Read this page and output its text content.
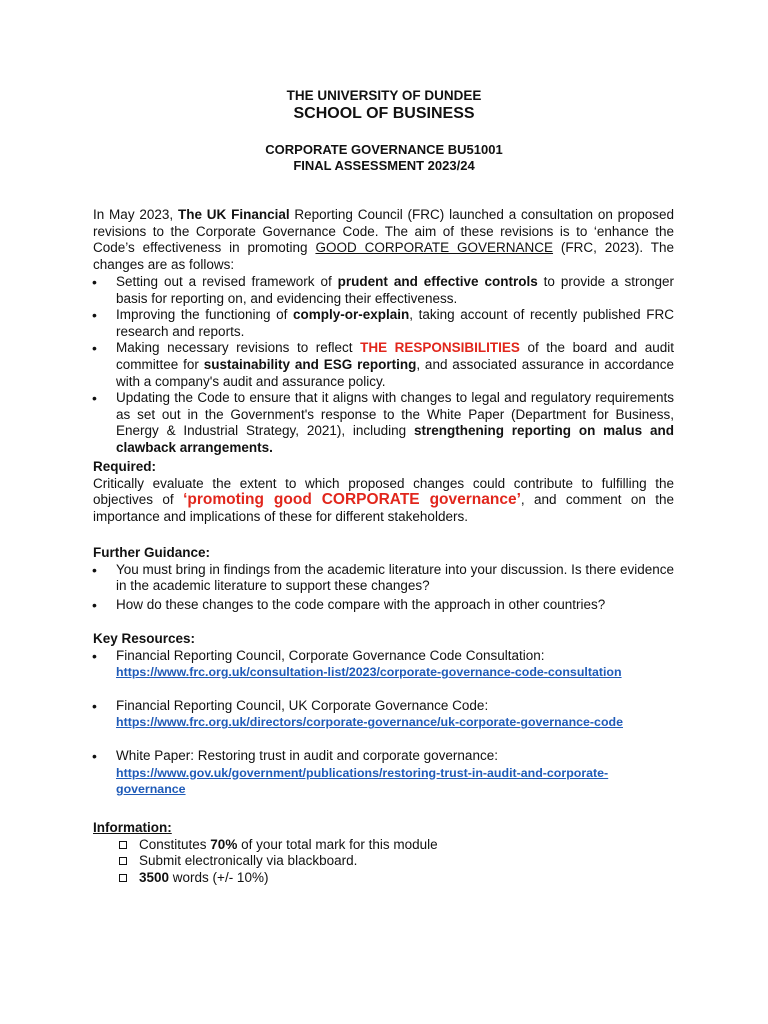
THE UNIVERSITY OF DUNDEE
SCHOOL OF BUSINESS
CORPORATE GOVERNANCE BU51001
FINAL ASSESSMENT 2023/24
In May 2023, The UK Financial Reporting Council (FRC) launched a consultation on proposed revisions to the Corporate Governance Code. The aim of these revisions is to ‘enhance the Code’s effectiveness in promoting GOOD CORPORATE GOVERNANCE (FRC, 2023). The changes are as follows:
• Setting out a revised framework of prudent and effective controls to provide a stronger basis for reporting on, and evidencing their effectiveness.
• Improving the functioning of comply-or-explain, taking account of recently published FRC research and reports.
• Making necessary revisions to reflect THE RESPONSIBILITIES of the board and audit committee for sustainability and ESG reporting, and associated assurance in accordance with a company's audit and assurance policy.
• Updating the Code to ensure that it aligns with changes to legal and regulatory requirements as set out in the Government's response to the White Paper (Department for Business, Energy & Industrial Strategy, 2021), including strengthening reporting on malus and clawback arrangements.
Required:
Critically evaluate the extent to which proposed changes could contribute to fulfilling the objectives of ‘promoting good CORPORATE governance’, and comment on the importance and implications of these for different stakeholders.
Further Guidance:
• You must bring in findings from the academic literature into your discussion. Is there evidence in the academic literature to support these changes?
• How do these changes to the code compare with the approach in other countries?
Key Resources:
• Financial Reporting Council, Corporate Governance Code Consultation:
https://www.frc.org.uk/consultation-list/2023/corporate-governance-code-consultation
• Financial Reporting Council, UK Corporate Governance Code:
https://www.frc.org.uk/directors/corporate-governance/uk-corporate-governance-code
• White Paper: Restoring trust in audit and corporate governance:
https://www.gov.uk/government/publications/restoring-trust-in-audit-and-corporate-governance
Information:
Constitutes 70% of your total mark for this module
Submit electronically via blackboard.
3500 words (+/- 10%)
